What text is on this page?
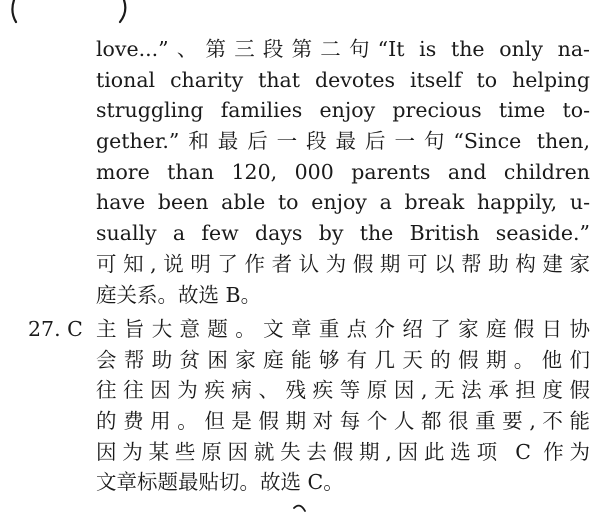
love...”、第三段第二句“It is the only na-
tional charity that devotes itself to helping
struggling families enjoy precious time to-
gether.”和最后一段最后一句“Since then,
more than 120, 000 parents and children
have been able to enjoy a break happily, u-
sually a few days by the British seaside.”
可知,说明了作者认为假期可以帮助构建家
庭关系。故选 B。
27. C 主旨大意题。文章重点介绍了家庭假日协
会帮助贫困家庭能够有几天的假期。他们
往往因为疾病、残疾等原因,无法承担度假
的费用。但是假期对每个人都很重要,不能
因为某些原因就失去假期,因此选项 C 作为
文章标题最贴切。故选 C。
